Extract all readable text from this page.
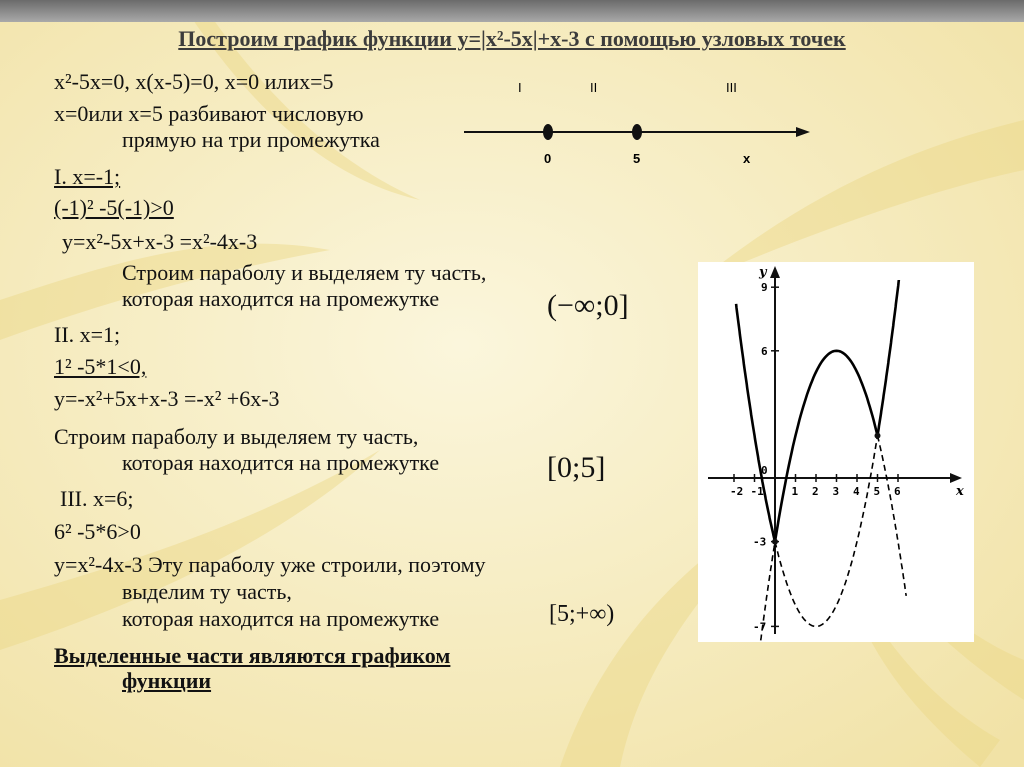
Построим график функции у=|х²-5х|+х-3 с помощью узловых точек
х²-5х=0, х(х-5)=0, х=0 илих=5
х=0или х=5 разбивают числовую
прямую на три промежутка
I. х=-1;
(-1)² -5(-1)>0
у=х²-5х+х-3 =х²-4х-3
Строим параболу и выделяем ту часть,
которая находится на промежутке	(−∞;0]
II. х=1;
1² -5*1<0,
у=-х²+5х+х-3 =-х² +6х-3
Строим параболу и выделяем ту часть,
которая находится на промежутке	[0;5]
III. х=6;
6² -5*6>0
у=х²-4х-3 Эту параболу уже строили, поэтому
выделим ту часть,
которая находится на промежутке	[5;+∞)
Выделенные части являются графиком
функции
I	II	III
0	5	x
-2 -1	1 2 3 4 5 6
9
6
0
-3
-7
x
y
